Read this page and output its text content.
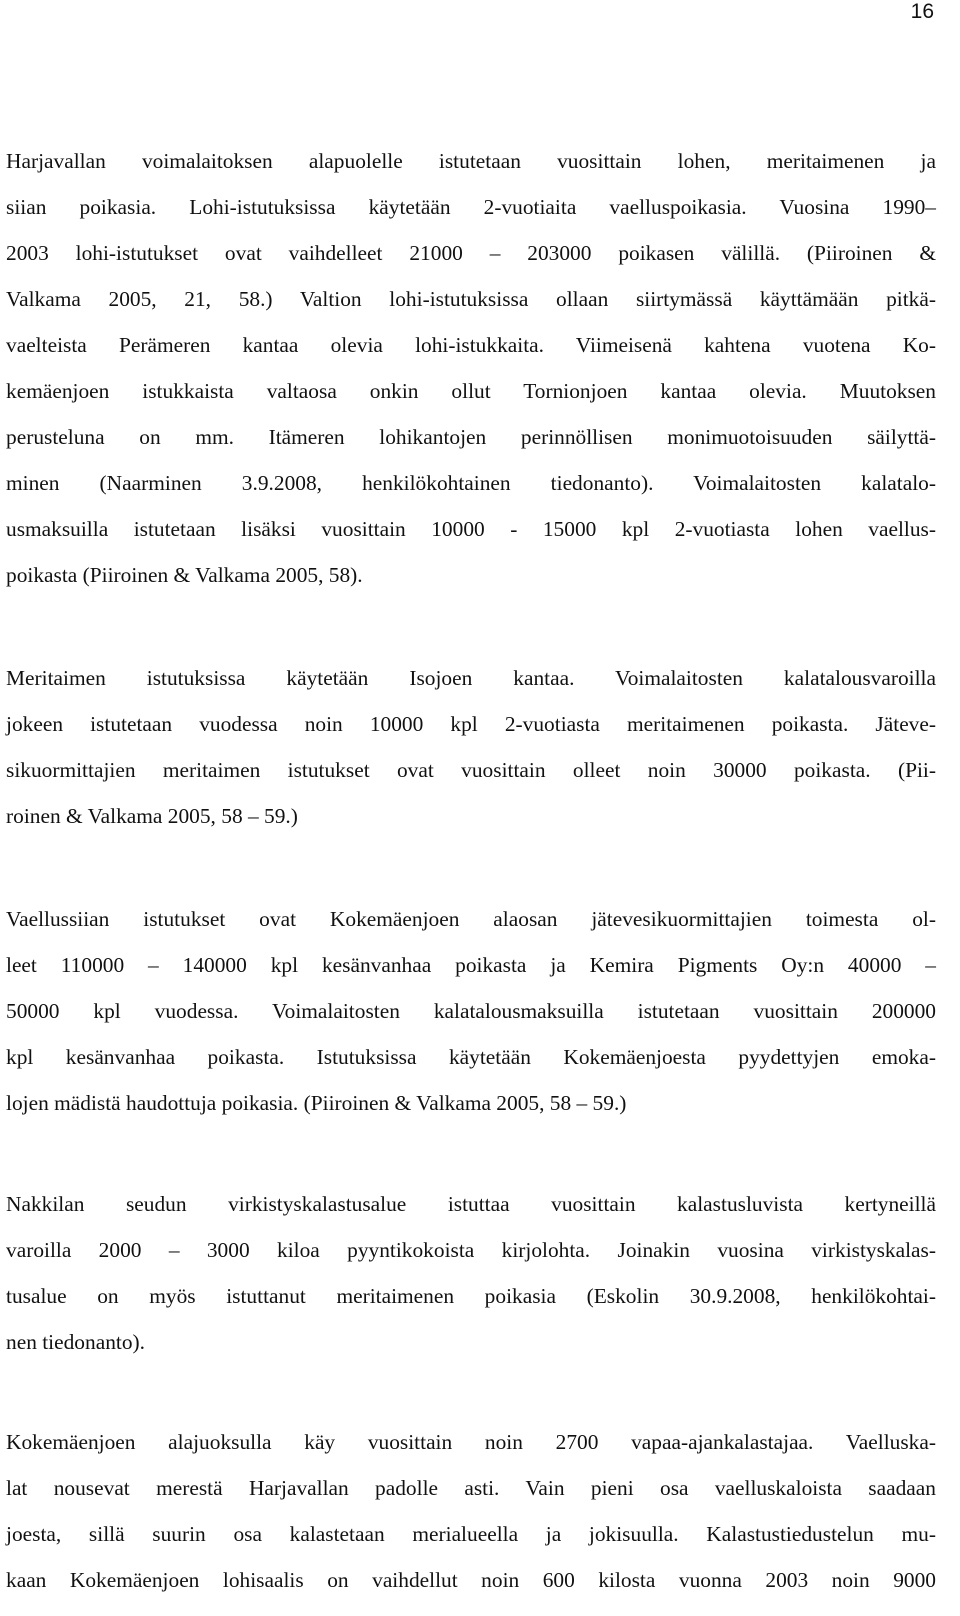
16
Harjavallan voimalaitoksen alapuolelle istutetaan vuosittain lohen, meritaimenen ja
siian poikasia. Lohi-istutuksissa käytetään 2-vuotiaita vaelluspoikasia. Vuosina 1990–
2003 lohi-istutukset ovat vaihdelleet 21000 – 203000 poikasen välillä. (Piiroinen &
Valkama 2005, 21, 58.) Valtion lohi-istutuksissa ollaan siirtymässä käyttämään pitkä-
vaelteista Perämeren kantaa olevia lohi-istukkaita. Viimeisenä kahtena vuotena Ko-
kemäenjoen istukkaista valtaosa onkin ollut Tornionjoen kantaa olevia. Muutoksen
perusteluna on mm. Itämeren lohikantojen perinnöllisen monimuotoisuuden säilyttä-
minen (Naarminen 3.9.2008, henkilökohtainen tiedonanto). Voimalaitosten kalatalo-
usmaksuilla istutetaan lisäksi vuosittain 10000 - 15000 kpl 2-vuotiasta lohen vaellus-
poikasta (Piiroinen & Valkama 2005, 58).
Meritaimen istutuksissa käytetään Isojoen kantaa. Voimalaitosten kalatalousvaroilla
jokeen istutetaan vuodessa noin 10000 kpl 2-vuotiasta meritaimenen poikasta. Jäteve-
sikuormittajien meritaimen istutukset ovat vuosittain olleet noin 30000 poikasta. (Pii-
roinen & Valkama 2005, 58 – 59.)
Vaellussiian istutukset ovat Kokemäenjoen alaosan jätevesikuormittajien toimesta ol-
leet 110000 – 140000 kpl kesänvanhaa poikasta ja Kemira Pigments Oy:n 40000 –
50000 kpl vuodessa. Voimalaitosten kalatalousmaksuilla istutetaan vuosittain 200000
kpl kesänvanhaa poikasta. Istutuksissa käytetään Kokemäenjoesta pyydettyjen emoka-
lojen mädistä haudottuja poikasia. (Piiroinen & Valkama 2005, 58 – 59.)
Nakkilan seudun virkistyskalastusalue istuttaa vuosittain kalastusluvista kertyneillä
varoilla 2000 – 3000 kiloa pyyntikokoista kirjolohta. Joinakin vuosina virkistyskalas-
tusalue on myös istuttanut meritaimenen poikasia (Eskolin 30.9.2008, henkilökohtai-
nen tiedonanto).
Kokemäenjoen alajuoksulla käy vuosittain noin 2700 vapaa-ajankalastajaa. Vaelluska-
lat nousevat merestä Harjavallan padolle asti. Vain pieni osa vaelluskaloista saadaan
joesta, sillä suurin osa kalastetaan merialueella ja jokisuulla. Kalastustiedustelun mu-
kaan Kokemäenjoen lohisaalis on vaihdellut noin 600 kilosta vuonna 2003 noin 9000
